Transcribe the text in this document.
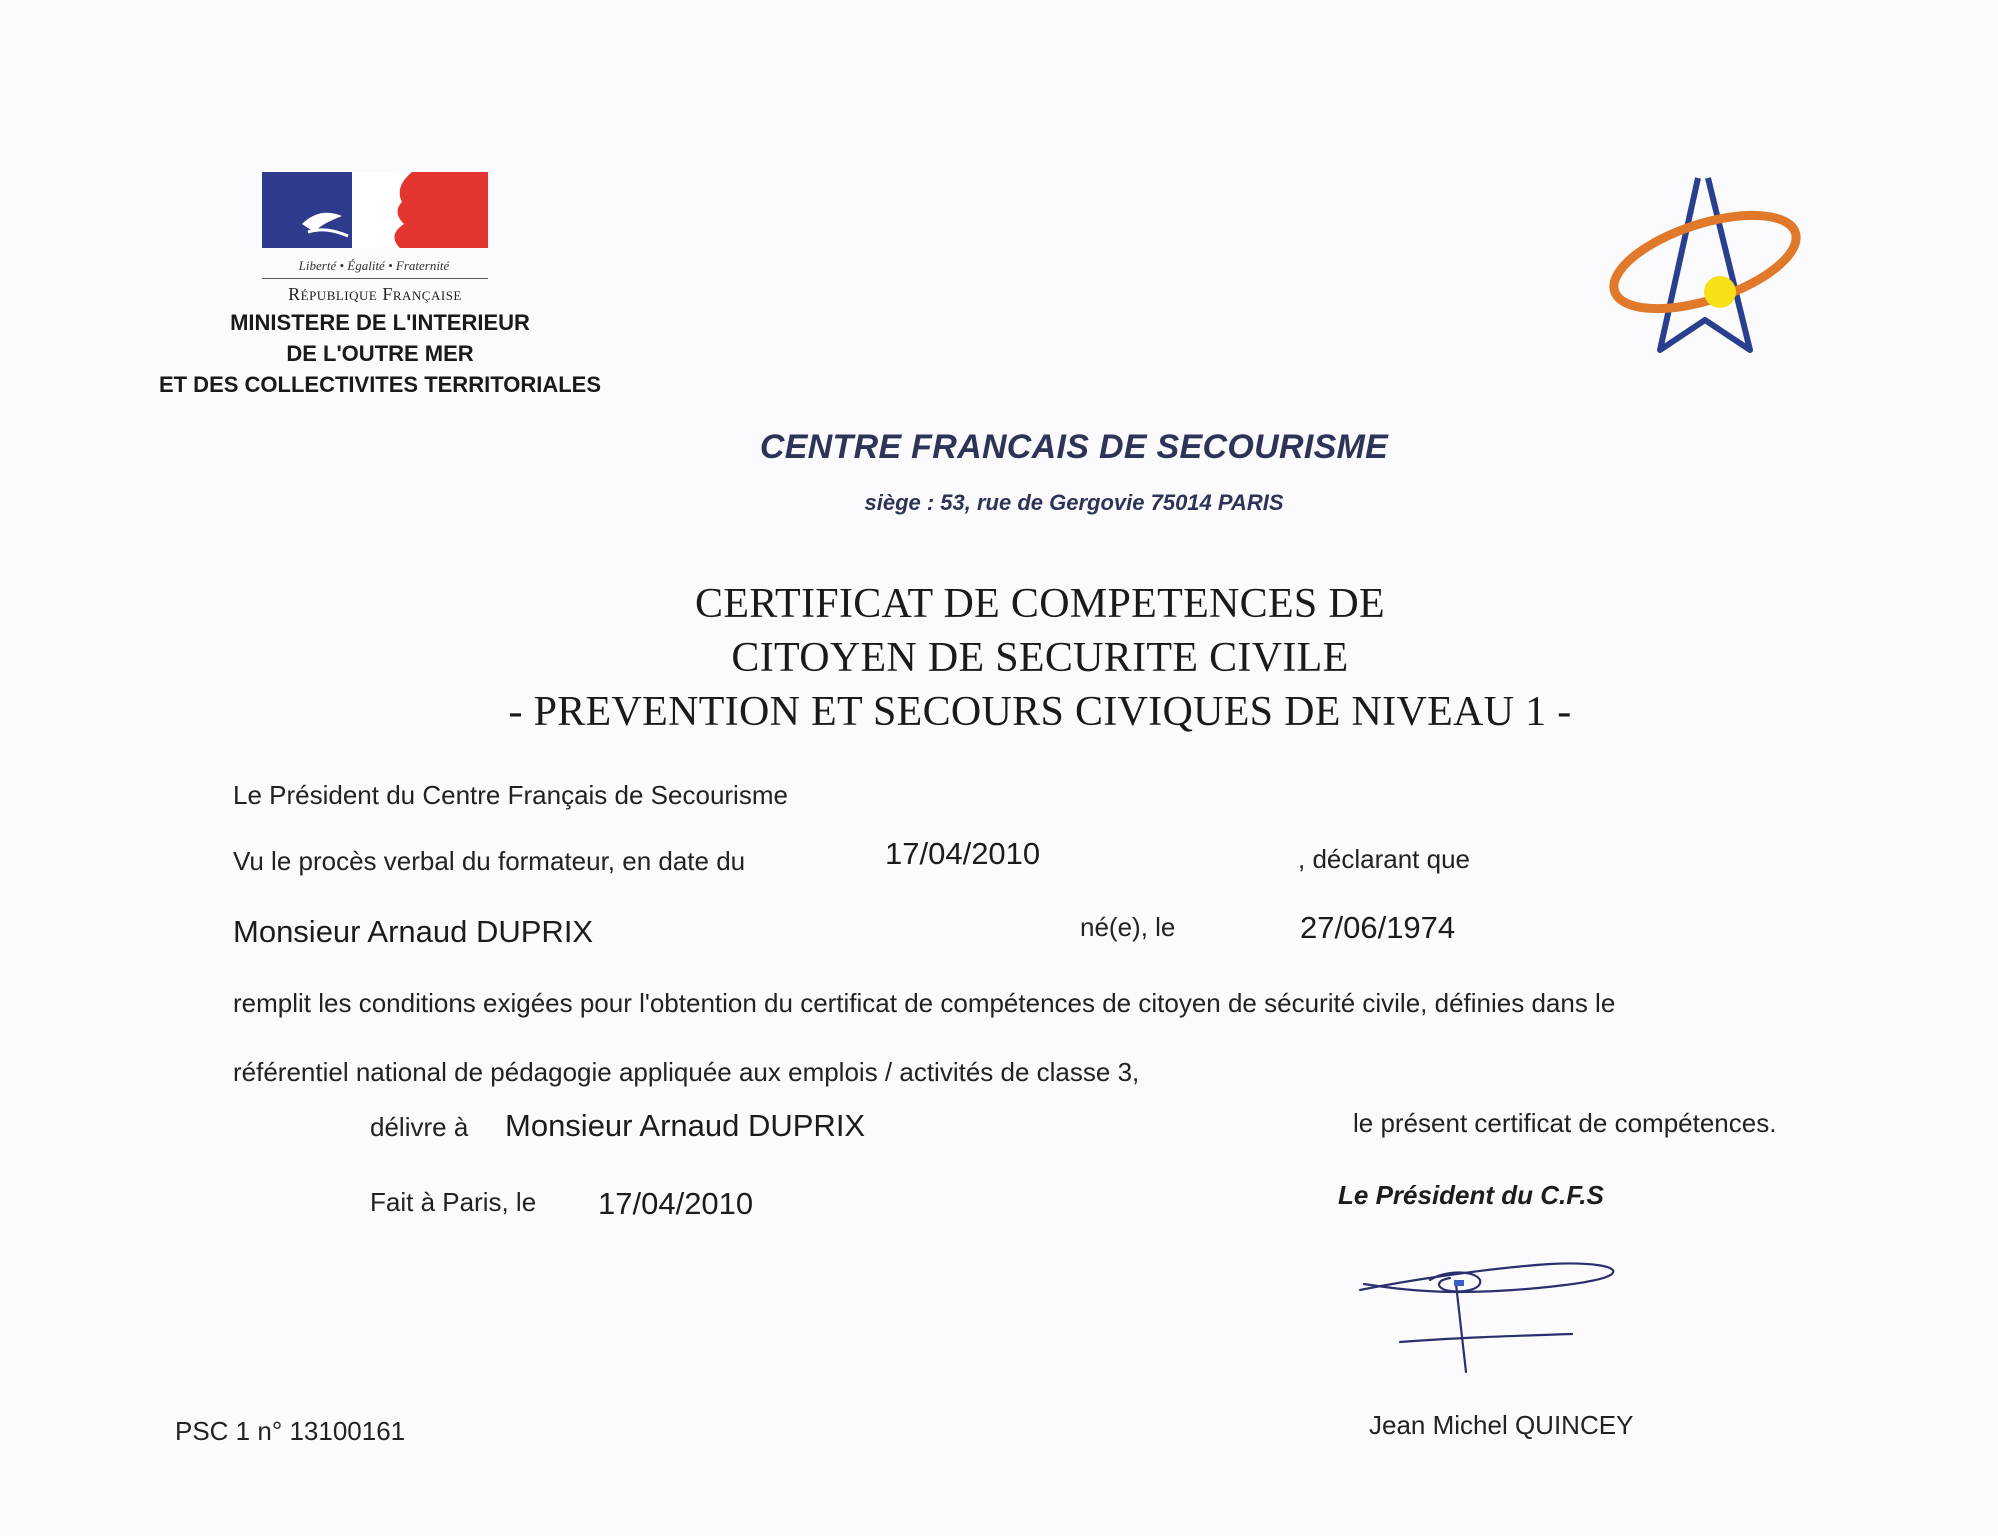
Liberté • Égalité • Fraternité
République Française
MINISTERE DE L'INTERIEUR
DE L'OUTRE MER
ET DES COLLECTIVITES TERRITORIALES
CENTRE FRANCAIS DE SECOURISME
siège : 53, rue de Gergovie 75014 PARIS
CERTIFICAT DE COMPETENCES DE
CITOYEN DE SECURITE CIVILE
- PREVENTION ET SECOURS CIVIQUES DE NIVEAU 1 -
Le Président du Centre Français de Secourisme
Vu le procès verbal du formateur, en date du	17/04/2010	, déclarant que
Monsieur Arnaud DUPRIX	né(e), le	27/06/1974
remplit les conditions exigées pour l'obtention du certificat de compétences de citoyen de sécurité civile, définies dans le
référentiel national de pédagogie appliquée aux emplois / activités de classe 3,
délivre à Monsieur Arnaud DUPRIX	le présent certificat de compétences.
Fait à Paris, le 17/04/2010	Le Président du C.F.S
Jean Michel QUINCEY
PSC 1 n° 13100161
